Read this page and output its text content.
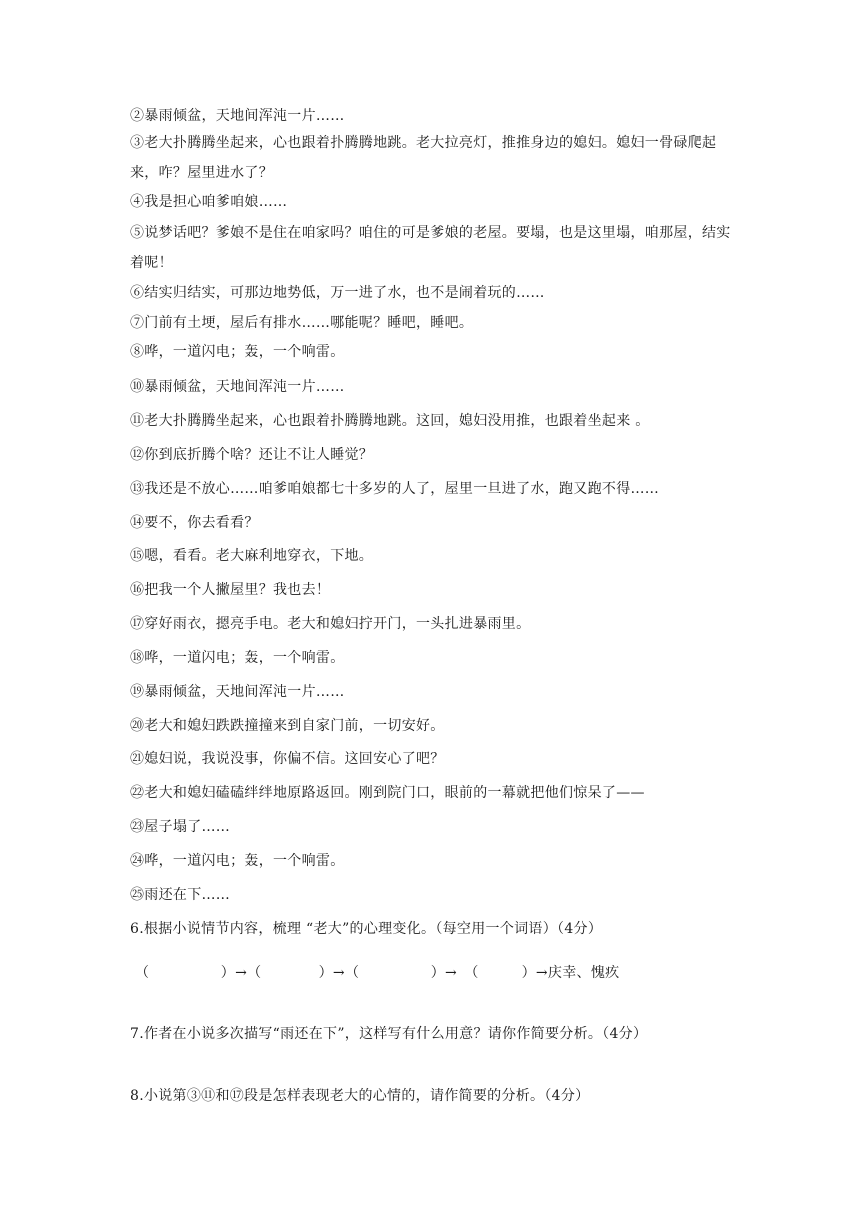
②暴雨倾盆，天地间浑沌一片……
③老大扑腾腾坐起来，心也跟着扑腾腾地跳。老大拉亮灯，推推身边的媳妇。媳妇一骨碌爬起来，咋？屋里进水了？
④我是担心咱爹咱娘……
⑤说梦话吧？爹娘不是住在咱家吗？咱住的可是爹娘的老屋。要塌，也是这里塌，咱那屋，结实着呢！
⑥结实归结实，可那边地势低，万一进了水，也不是闹着玩的……
⑦门前有土埂，屋后有排水……哪能呢？睡吧，睡吧。
⑧哗，一道闪电；轰，一个响雷。
⑩暴雨倾盆，天地间浑沌一片……
⑪老大扑腾腾坐起来，心也跟着扑腾腾地跳。这回，媳妇没用推，也跟着坐起来 。
⑫你到底折腾个啥？还让不让人睡觉？
⑬我还是不放心……咱爹咱娘都七十多岁的人了，屋里一旦进了水，跑又跑不得……
⑭要不，你去看看？
⑮嗯，看看。老大麻利地穿衣，下地。
⑯把我一个人撇屋里？我也去！
⑰穿好雨衣，摁亮手电。老大和媳妇拧开门，一头扎进暴雨里。
⑱哗，一道闪电；轰，一个响雷。
⑲暴雨倾盆，天地间浑沌一片……
⑳老大和媳妇跌跌撞撞来到自家门前，一切安好。
㉑媳妇说，我说没事，你偏不信。这回安心了吧？
㉒老大和媳妇磕磕绊绊地原路返回。刚到院门口，眼前的一幕就把他们惊呆了——
㉓屋子塌了……
㉔哗，一道闪电；轰，一个响雷。
㉕雨还在下……
6.根据小说情节内容，梳理 “老大”的心理变化。（每空用一个词语）（4分）
（　　　　　）→（　　　　）→（　　　　　）→　（　　　）→庆幸、愧疚
7.作者在小说多次描写“雨还在下”，这样写有什么用意？请你作简要分析。（4分）
8.小说第③⑪和⑰段是怎样表现老大的心情的，请作简要的分析。（4分）
